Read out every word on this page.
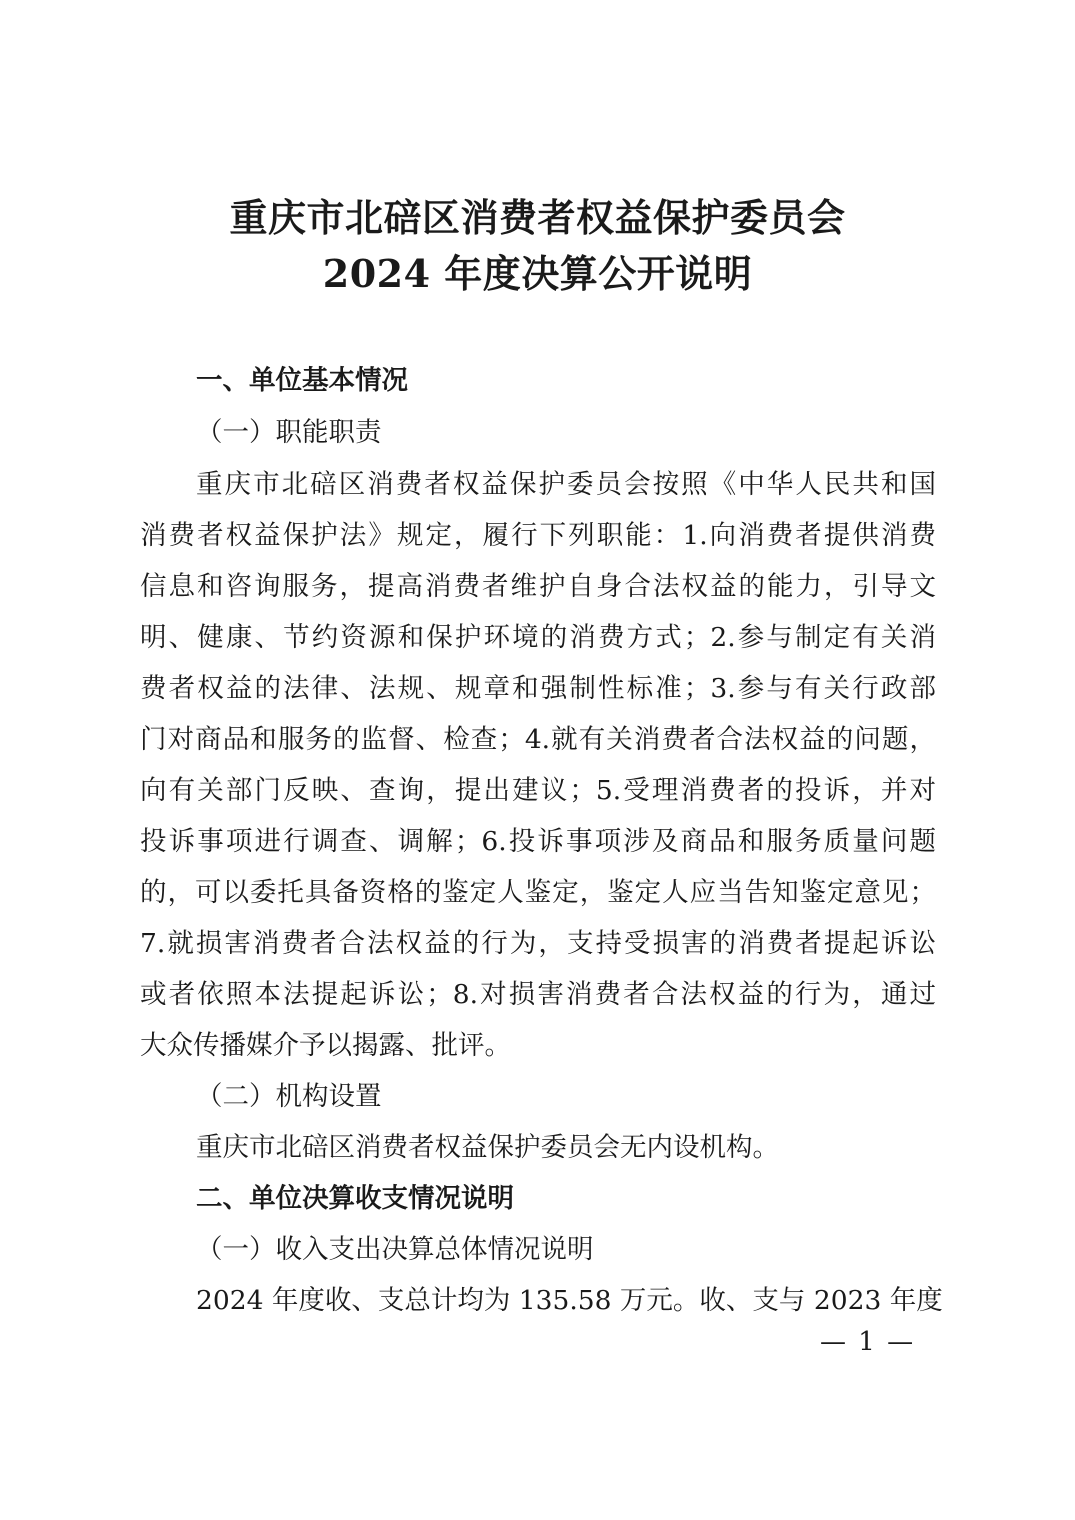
重庆市北碚区消费者权益保护委员会
2024 年度决算公开说明
一、单位基本情况
（一）职能职责
重庆市北碚区消费者权益保护委员会按照《中华人民共和国
消费者权益保护法》规定，履行下列职能：1.向消费者提供消费
信息和咨询服务，提高消费者维护自身合法权益的能力，引导文
明、健康、节约资源和保护环境的消费方式；2.参与制定有关消
费者权益的法律、法规、规章和强制性标准；3.参与有关行政部
门对商品和服务的监督、检查；4.就有关消费者合法权益的问题，
向有关部门反映、查询，提出建议；5.受理消费者的投诉，并对
投诉事项进行调查、调解；6.投诉事项涉及商品和服务质量问题
的，可以委托具备资格的鉴定人鉴定，鉴定人应当告知鉴定意见；
7.就损害消费者合法权益的行为，支持受损害的消费者提起诉讼
或者依照本法提起诉讼；8.对损害消费者合法权益的行为，通过
大众传播媒介予以揭露、批评。
（二）机构设置
重庆市北碚区消费者权益保护委员会无内设机构。
二、单位决算收支情况说明
（一）收入支出决算总体情况说明
2024 年度收、支总计均为 135.58 万元。收、支与 2023 年度
— 1 —
